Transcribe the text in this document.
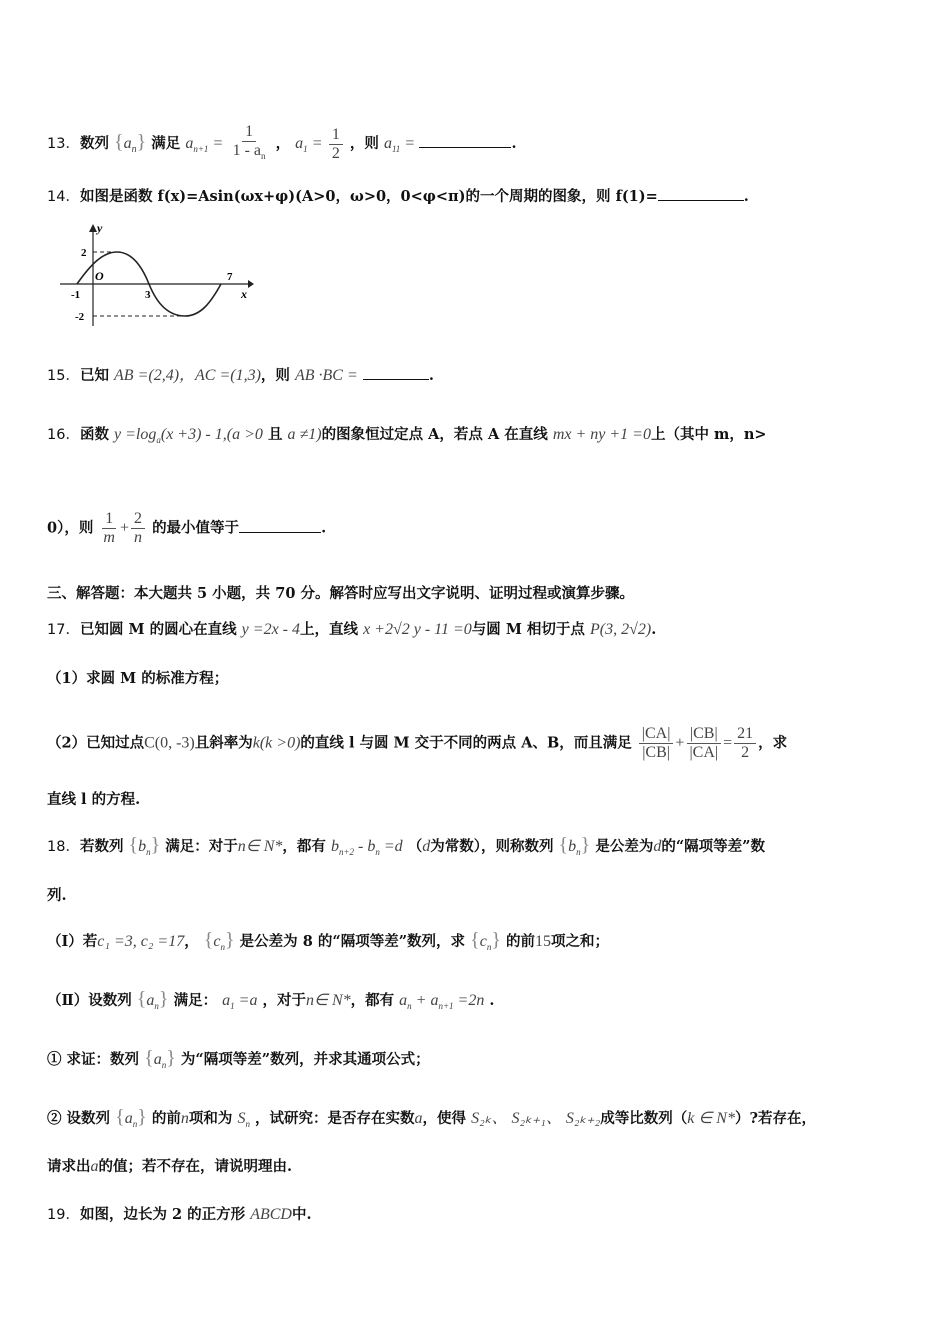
13．数列 $\{a_n\}$ 满足 $a_{n+1} = \frac{1}{1 - a_n}$ ， $a_1 = \frac{1}{2}$ ，则 $a_{11}$ =	.
14．如图是函数 f(x)=Asin(ωx+φ)(A>0，ω>0，0<φ<π)的一个周期的图象，则 f(1)=	.
y
x
O
2
-2
-1	3
7
15．已知 AB =(2,4)，AC =(1,3)，则 AB ·BC =	.
16．函数 $y =\log_a(x +3) - 1,(a >0$ 且 a ≠1)的图象恒过定点 A，若点 A 在直线 mx + ny +1 =0上（其中 m，n>
0），则 $\frac{1}{m} + \frac{2}{n}$ 的最小值等于	.
三、解答题：本大题共 5 小题，共 70 分。解答时应写出文字说明、证明过程或演算步骤。
17．已知圆 M 的圆心在直线 y =2x - 4上，直线 x +2√2 y - 11 =0与圆 M 相切于点 P(3, 2√2).
（1）求圆 M 的标准方程；
（2）已知过点C(0, -3)且斜率为k(k >0)的直线 l 与圆 M 交于不同的两点 A、B，而且满足 $\frac{|CA|}{|CB|} + \frac{|CB|}{|CA|} = \frac{21}{2}$ ，求
直线 l 的方程.
18．若数列 $\{b_n\}$ 满足：对于n∈ N*，都有 $b_{n+2} - b_n =d$ （d为常数），则称数列 $\{b_n\}$ 是公差为d的“隔项等差”数
列.
（Ⅰ）若c₁ =3, c₂ =17， $\{c_n\}$ 是公差为 8 的“隔项等差”数列，求 $\{c_n\}$ 的前15项之和；
（Ⅱ）设数列 $\{a_n\}$ 满足： $a_1 =a$ ，对于n∈ N*，都有 $a_n + a_{n+1} =2n$ .
① 求证：数列 $\{a_n\}$ 为“隔项等差”数列，并求其通项公式；
② 设数列 $\{a_n\}$ 的前n项和为 $S_n$ ，试研究：是否存在实数a，使得 S₂ₖ、 S₂ₖ₊₁、 S₂ₖ₊₂成等比数列（k ∈ N*）?若存在，
请求出a的值；若不存在，请说明理由.
19．如图，边长为 2 的正方形 ABCD中.
